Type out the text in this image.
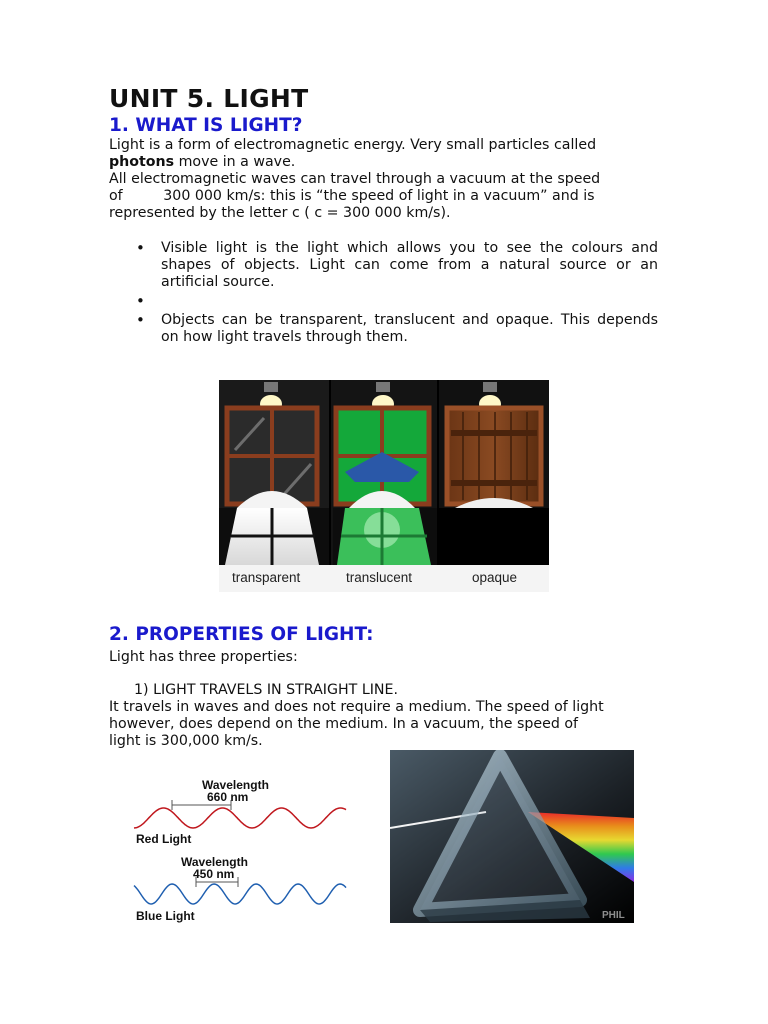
UNIT 5. LIGHT
1. WHAT IS LIGHT?
Light is a form of electromagnetic energy. Very small particles called
photons move in a wave.
All electromagnetic waves can travel through a vacuum at the speed
of         300 000 km/s: this is “the speed of light in a vacuum” and is
represented by the letter c ( c = 300 000 km/s).
• Visible light is the light which allows you to see the colours and shapes of objects. Light can come from a natural source or an artificial source.
•
• Objects can be transparent, translucent and opaque. This depends on how light travels through them.
transparent	translucent	opaque
2. PROPERTIES OF LIGHT:
Light has three properties:
1) LIGHT TRAVELS IN STRAIGHT LINE.
It travels in waves and does not require a medium. The speed of light
however, does depend on the medium. In a vacuum, the speed of
light is 300,000 km/s.
Wavelength
660 nm
Red Light
Wavelength
450 nm
Blue Light	PHIL
